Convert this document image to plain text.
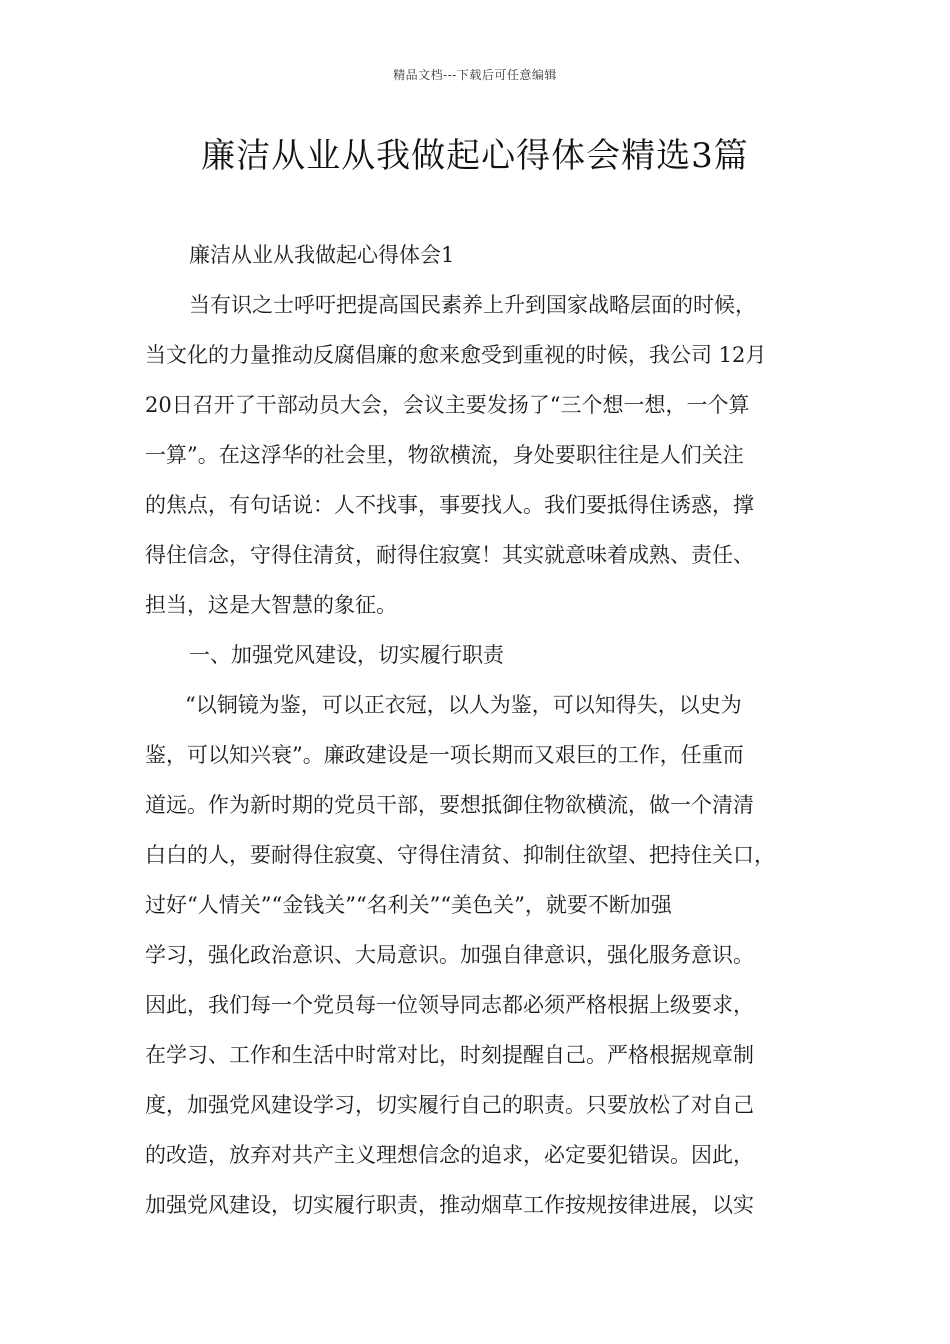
精品文档---下载后可任意编辑
廉洁从业从我做起心得体会精选3篇
廉洁从业从我做起心得体会1
当有识之士呼吁把提高国民素养上升到国家战略层面的时候，
当文化的力量推动反腐倡廉的愈来愈受到重视的时候，我公司 12月
20日召开了干部动员大会，会议主要发扬了“三个想一想，一个算
一算”。在这浮华的社会里，物欲横流，身处要职往往是人们关注
的焦点，有句话说：人不找事，事要找人。我们要抵得住诱惑，撑
得住信念，守得住清贫，耐得住寂寞！其实就意味着成熟、责任、
担当，这是大智慧的象征。
一、加强党风建设，切实履行职责
“以铜镜为鉴，可以正衣冠，以人为鉴，可以知得失，以史为
鉴，可以知兴衰”。廉政建设是一项长期而又艰巨的工作，任重而
道远。作为新时期的党员干部，要想抵御住物欲横流，做一个清清
白白的人，要耐得住寂寞、守得住清贫、抑制住欲望、把持住关口，
过好“人情关”“金钱关”“名利关”“美色关”，就要不断加强
学习，强化政治意识、大局意识。加强自律意识，强化服务意识。
因此，我们每一个党员每一位领导同志都必须严格根据上级要求，
在学习、工作和生活中时常对比，时刻提醒自己。严格根据规章制
度，加强党风建设学习，切实履行自己的职责。只要放松了对自己
的改造，放弃对共产主义理想信念的追求，必定要犯错误。因此，
加强党风建设，切实履行职责，推动烟草工作按规按律进展，以实
